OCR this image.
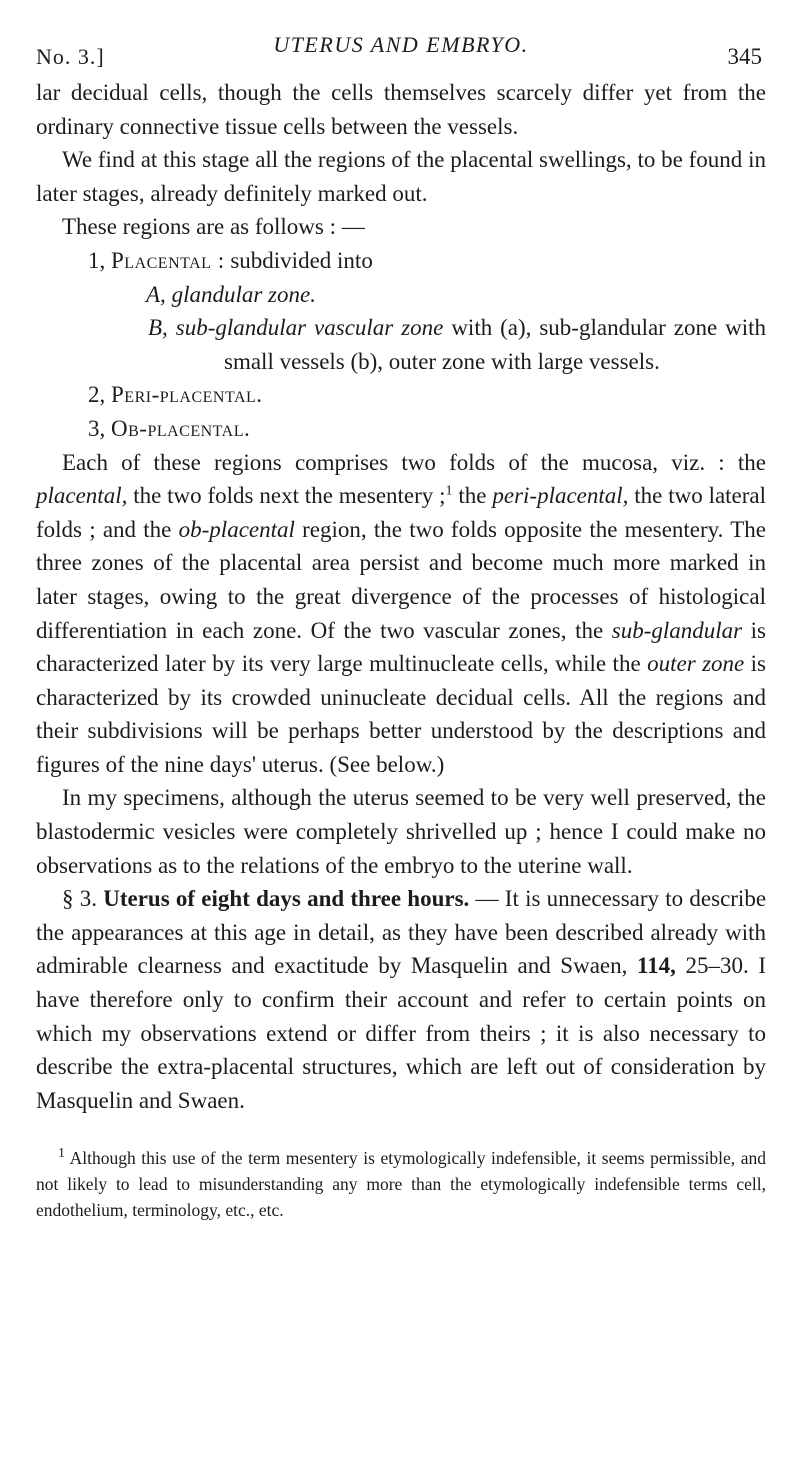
No. 3.]	UTERUS AND EMBRYO.	345

lar decidual cells, though the cells themselves scarcely differ yet from the ordinary connective tissue cells between the vessels.

We find at this stage all the regions of the placental swellings, to be found in later stages, already definitely marked out.

These regions are as follows : —

1, Placental : subdivided into

A, glandular zone.

B, sub-glandular vascular zone with (a), sub-glandular zone with small vessels (b), outer zone with large vessels.

2, Peri-placental.

3, Ob-placental.

Each of these regions comprises two folds of the mucosa, viz. : the placental, the two folds next the mesentery ;$^1$ the peri-placental, the two lateral folds ; and the ob-placental region, the two folds opposite the mesentery. The three zones of the placental area persist and become much more marked in later stages, owing to the great divergence of the processes of histological differentiation in each zone. Of the two vascular zones, the sub-glandular is characterized later by its very large multinucleate cells, while the outer zone is characterized by its crowded uninucleate decidual cells. All the regions and their subdivisions will be perhaps better understood by the descriptions and figures of the nine days' uterus. (See below.)

In my specimens, although the uterus seemed to be very well preserved, the blastodermic vesicles were completely shrivelled up ; hence I could make no observations as to the relations of the embryo to the uterine wall.

§ 3. Uterus of eight days and three hours. — It is unnecessary to describe the appearances at this age in detail, as they have been described already with admirable clearness and exactitude by Masquelin and Swaen, 114, 25–30. I have therefore only to confirm their account and refer to certain points on which my observations extend or differ from theirs ; it is also necessary to describe the extra-placental structures, which are left out of consideration by Masquelin and Swaen.

$^1$ Although this use of the term mesentery is etymologically indefensible, it seems permissible, and not likely to lead to misunderstanding any more than the etymologically indefensible terms cell, endothelium, terminology, etc., etc.
